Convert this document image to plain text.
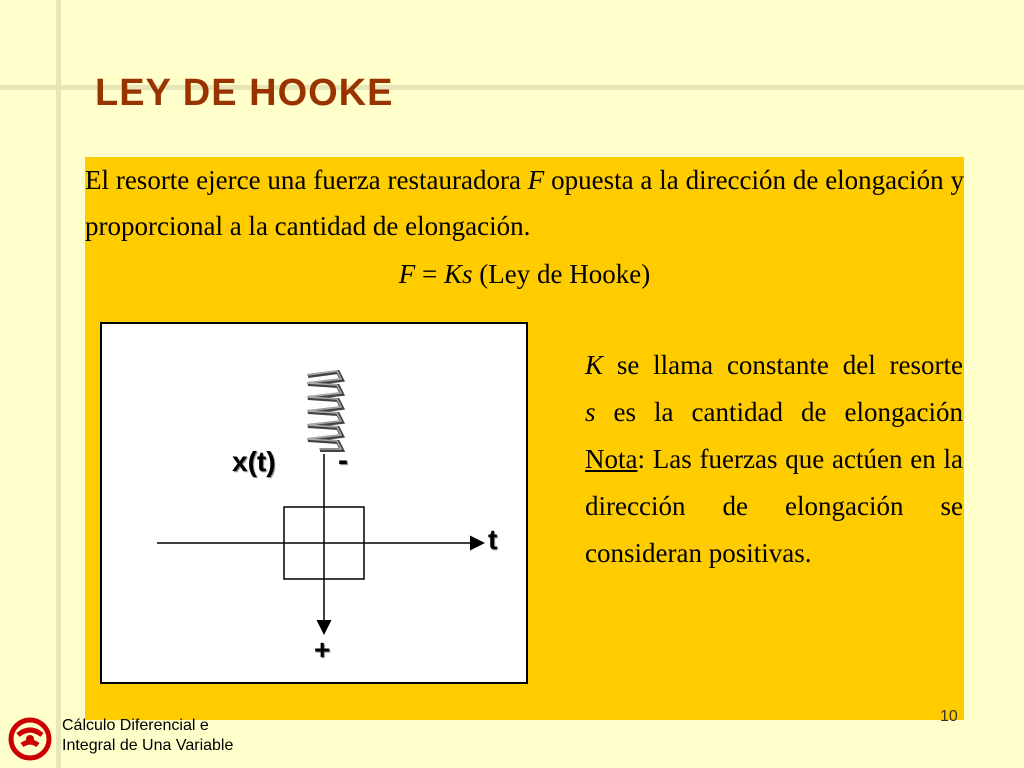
LEY DE HOOKE
El resorte ejerce una fuerza restauradora F opuesta a la dirección de elongación y proporcional a la cantidad de elongación.
F = Ks (Ley de Hooke)
x(t) -
t
+

K se llama constante del resorte

s es la cantidad de elongación

Nota: Las fuerzas que actúen en la dirección de elongación se consideran positivas.

Cálculo Diferencial e
Integral de Una Variable
10
